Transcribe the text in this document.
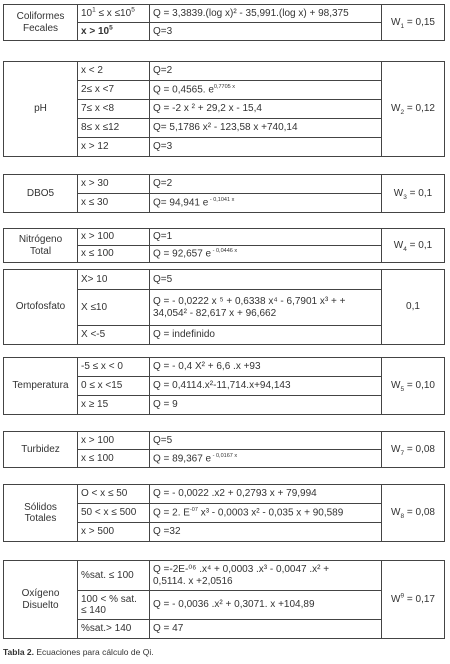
Coliformes
Fecales	$10^1 \le x \le 10^5$	Q = 3,3839.(log x)² - 35,991.(log x) + 98,375	$W_1 = 0,15$
	$x > 10^5$	Q=3	
pH	x < 2	Q=2	$W_2 = 0,12$
	2≤ x <7	Q = 0,4565. $e^{0,7705 x}$
	7≤ x <8	Q = -2 x ² + 29,2 x - 15,4	
	8≤ x ≤12	Q= 5,1786 x² - 123,58 x +740,14	
	x > 12	Q=3	
DBO5	x > 30	Q=2	$W_3 = 0,1$
	x ≤ 30	Q= 94,941 e $^{- 0,1041 x}$
Nitrógeno
Total	x > 100	Q=1	$W_4 = 0,1$
	x ≤ 100	Q = 92,657 e $^{- 0,0446 x}$
Ortofosfato	X> 10	Q=5	0,1
	X ≤10	Q = - 0,0222 x ⁵ + 0,6338 x⁴ - 6,7901 x³ + +
34,054² - 82,617 x + 96,662	
	X <-5	Q = indefinido	
Temperatura	-5 ≤ x < 0	Q = - 0,4 X² + 6,6 .x +93	$W_5 = 0,10$
	0 ≤ x <15	Q = 0,4114.x²-11,714.x+94,143	
	x ≥ 15	Q = 9	
Turbidez	x > 100	Q=5	$W_7 = 0,08$
	x ≤ 100	Q = 89,367 e $^{- 0,0167 x}$
Sólidos
Totales	O < x ≤ 50	Q = - 0,0022 .x2 + 0,2793 x + 79,994	$W_8 = 0,08$
	50 < x ≤ 500	Q = 2. $E^{-07}$ x³ - 0,0003 x² - 0,035 x + 90,589	
	x > 500	Q =32	
Oxígeno
Disuelto	%sat. ≤ 100	Q =-2E-⁰⁶ .x⁴ + 0,0003 .x³ - 0,0047 .x² +
0,5114. x +2,0516	$W^9 = 0,17$
	100 < % sat.
≤ 140	Q = - 0,0036 .x² + 0,3071. x +104,89	
	%sat.> 140	Q = 47	
Tabla 2. Ecuaciones para cálculo de Qi.
